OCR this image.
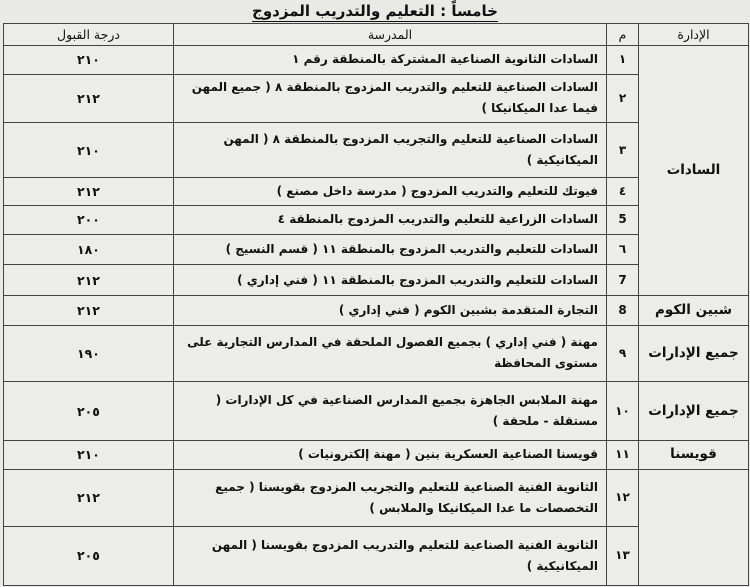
خامساً : التعليم والتدريب المزدوج
الإدارة	م	المدرسة	درجة القبول
السادات	١	السادات الثانوية الصناعية المشتركة بالمنطقة رقم ١	٢١٠
	٢	السادات الصناعية للتعليم والتدريب المزدوج بالمنطقة ٨ ( جميع المهن فيما عدا الميكانيكا )	٢١٢
	٣	السادات الصناعية للتعليم والتجريب المزدوج بالمنطقة ٨ ( المهن الميكانيكية )	٢١٠
	٤	فيوتك للتعليم والتدريب المزدوج ( مدرسة داخل مصنع )	٢١٢
	5	السادات الزراعية للتعليم والتدريب المزدوج بالمنطقة ٤	٢٠٠
	٦	السادات للتعليم والتدريب المزدوج بالمنطقة ١١ ( قسم النسيج )	١٨٠
	7	السادات للتعليم والتدريب المزدوج بالمنطقة ١١ ( فني إداري )	٢١٢
شبين الكوم	8	التجارة المتقدمة بشبين الكوم ( فني إداري )	٢١٢
جميع الإدارات	٩	مهنة ( فني إداري ) بجميع الفصول الملحقة في المدارس التجارية على مستوى المحافظة	١٩٠
جميع الإدارات	١٠	مهنة الملابس الجاهزة بجميع المدارس الصناعية في كل الإدارات ( مستقلة - ملحقة )	٢٠٥
قويسنا	١١	قويسنا الصناعية العسكرية بنين ( مهنة إلكترونيات )	٢١٠
	١٢	الثانوية الفنية الصناعية للتعليم والتجريب المزدوج بقويسنا ( جميع التخصصات ما عدا الميكانيكا والملابس )	٢١٢
	١٣	الثانوية الفنية الصناعية للتعليم والتدريب المزدوج بقويسنا ( المهن الميكانيكية )	٢٠٥
